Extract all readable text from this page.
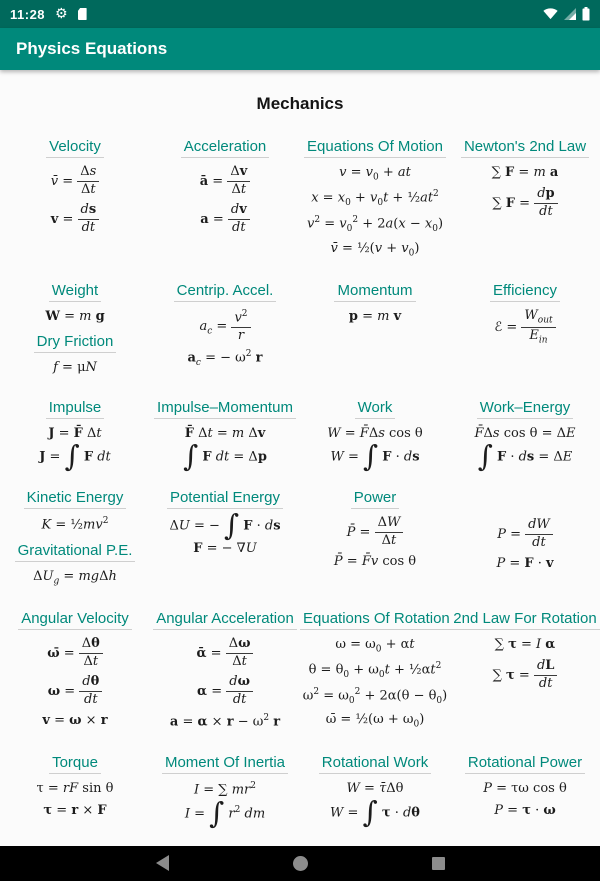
11:28 ⚙
Physics Equations
Mechanics
Velocity
v̄ = $\frac{\Delta s}{\Delta t}$
$v = \frac{ds}{dt}$
Acceleration
ā = $\frac{\Delta v}{\Delta t}$
$a = \frac{dv}{dt}$
Equations Of Motion
$v = v_0$ + at
$x = x_0 + v_0t$ + $\frac{1}{2}at^2$
$v^2 = v_0^2 + 2a(x - x_0)$
v̄ = ½(v + $v_0$)
Newton's 2nd Law
∑ F = m a
∑ $F = \frac{dp}{dt}$
Weight
W = m g
Dry Friction
f = μN
Centrip. Accel.
$a_c = \frac{v^2}{r}$
$a_c$ = − $\omega^2$ r
Momentum
p = m v
Efficiency
ℰ =
$W_{out}$
$E_{in}$
Impulse
J = F̄ Δt
J = ∫ F dt
Impulse–Momentum
F̄ Δt = m Δv
∫ F dt = Δp
Work
W = F̄Δs cos θ
W = ∫ F · ds
Work–Energy
F̄Δs cos θ = ΔE
∫ F · ds = ΔE
Kinetic Energy
$K = \frac{1}{2}mv^2$
Gravitational P.E.
$\Delta U_g = mg\Delta h$
Potential Energy
ΔU = − ∫ F · ds
F = − ∇U
Power
P̄ = $\frac{\Delta W}{\Delta t}$
P̄ = F̄v cos θ
$P = \frac{dW}{dt}$
P = F · v
Angular Velocity
ω̄ = $\frac{\Delta\theta}{\Delta t}$
$\omega = \frac{d\theta}{dt}$
v = ω × r
Angular Acceleration
ᾱ = $\frac{\Delta\omega}{\Delta t}$
$\alpha = \frac{d\omega}{dt}$
$a = \alpha \times r - \omega^2$ r
Equations Of Rotation
$\omega = \omega_0 + \alpha t$
$\theta = \theta_0 + \omega_0t$ + $\frac{1}{2}\alpha t^2$
$\omega^2 = \omega_0^2 + 2\alpha(\theta - \theta_0)$
ω̄ = ½(ω + $\omega_0$)
2nd Law For Rotation
∑ τ = I α
∑ $\tau = \frac{dL}{dt}$
Torque
τ = rF sin θ
τ = r × F
Moment Of Inertia
I = ∑ $mr^2$
I = ∫ $r^2$ dm
Rotational Work
W = τ̄Δθ
W = ∫ τ · dθ
Rotational Power
P = τω cos θ
P = τ · ω
